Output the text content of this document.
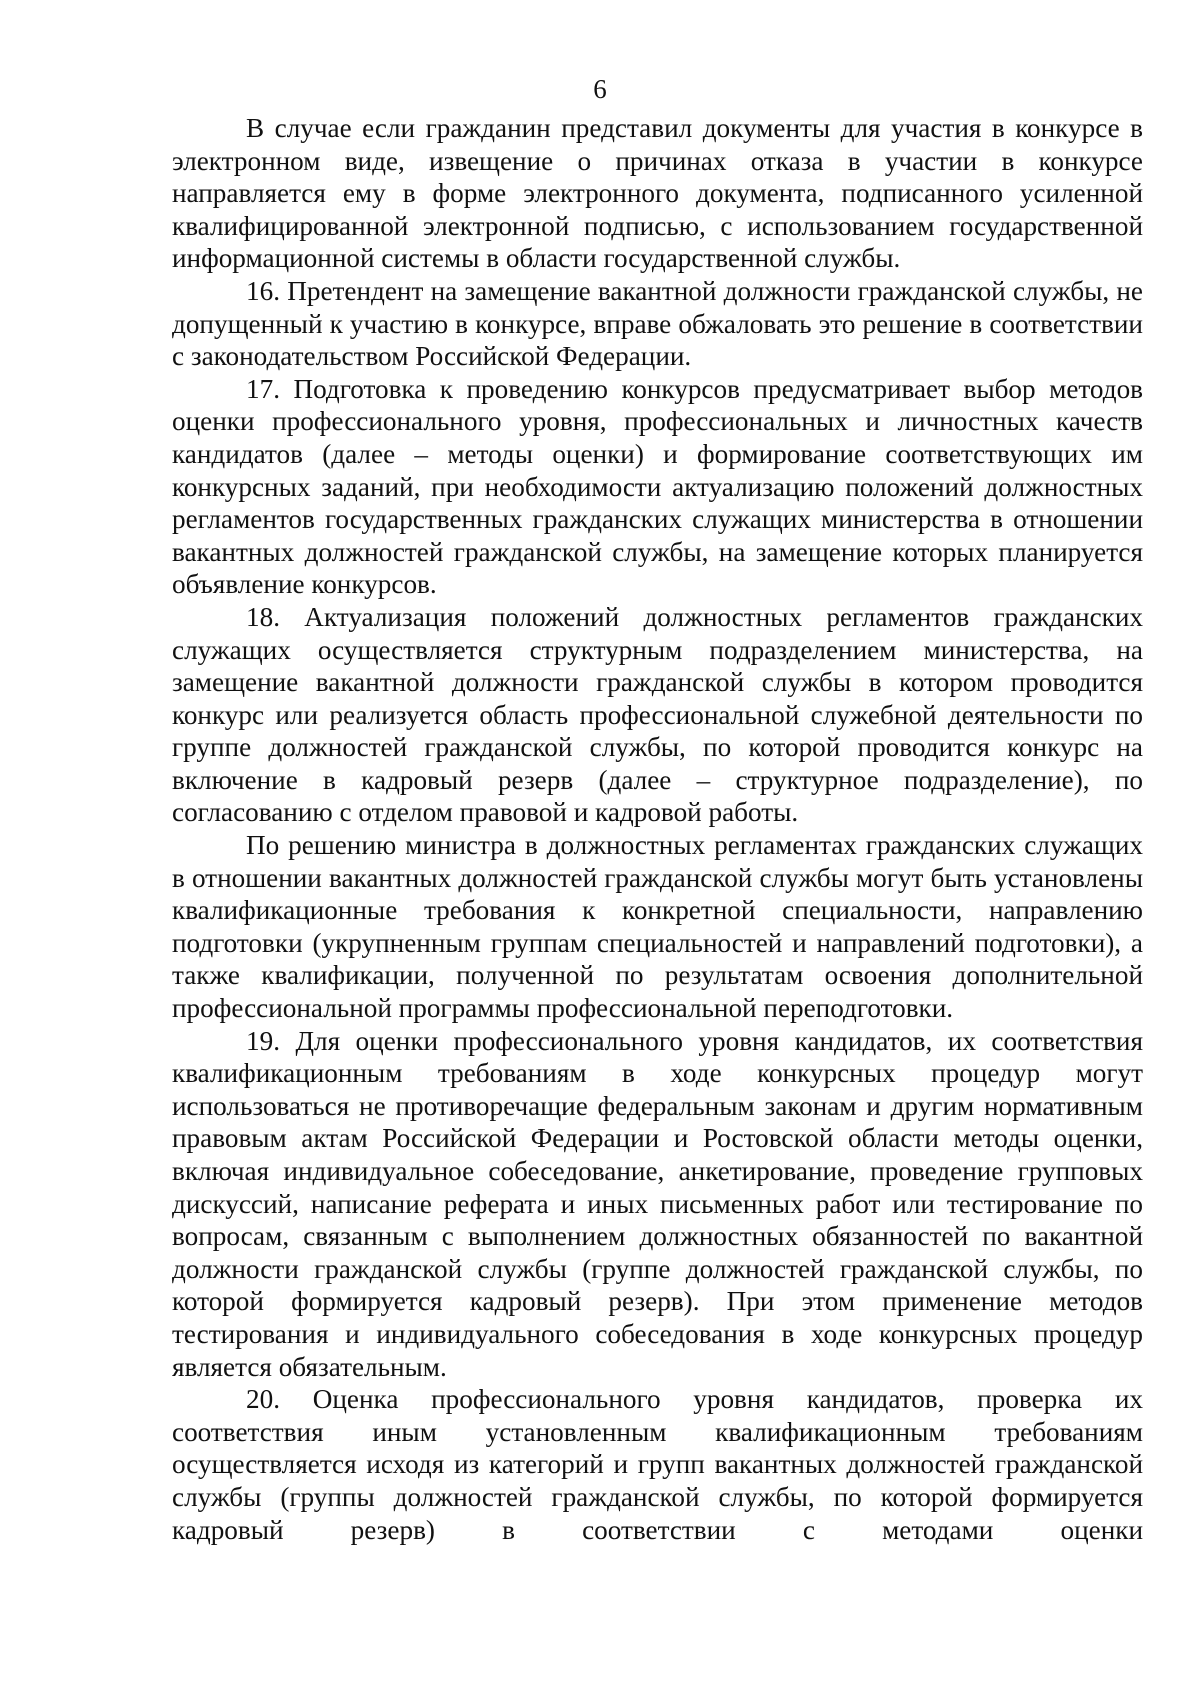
6

В случае если гражданин представил документы для участия в конкурсе в электронном виде, извещение о причинах отказа в участии в конкурсе направляется ему в форме электронного документа, подписанного усиленной квалифицированной электронной подписью, с использованием государственной информационной системы в области государственной службы.

16. Претендент на замещение вакантной должности гражданской службы, не допущенный к участию в конкурсе, вправе обжаловать это решение в соответствии с законодательством Российской Федерации.

17. Подготовка к проведению конкурсов предусматривает выбор методов оценки профессионального уровня, профессиональных и личностных качеств кандидатов (далее – методы оценки) и формирование соответствующих им конкурсных заданий, при необходимости актуализацию положений должностных регламентов государственных гражданских служащих министерства в отношении вакантных должностей гражданской службы, на замещение которых планируется объявление конкурсов.

18. Актуализация положений должностных регламентов гражданских служащих осуществляется структурным подразделением министерства, на замещение вакантной должности гражданской службы в котором проводится конкурс или реализуется область профессиональной служебной деятельности по группе должностей гражданской службы, по которой проводится конкурс на включение в кадровый резерв (далее – структурное подразделение), по согласованию с отделом правовой и кадровой работы.

По решению министра в должностных регламентах гражданских служащих в отношении вакантных должностей гражданской службы могут быть установлены квалификационные требования к конкретной специальности, направлению подготовки (укрупненным группам специальностей и направлений подготовки), а также квалификации, полученной по результатам освоения дополнительной профессиональной программы профессиональной переподготовки.

19. Для оценки профессионального уровня кандидатов, их соответствия квалификационным требованиям в ходе конкурсных процедур могут использоваться не противоречащие федеральным законам и другим нормативным правовым актам Российской Федерации и Ростовской области методы оценки, включая индивидуальное собеседование, анкетирование, проведение групповых дискуссий, написание реферата и иных письменных работ или тестирование по вопросам, связанным с выполнением должностных обязанностей по вакантной должности гражданской службы (группе должностей гражданской службы, по которой формируется кадровый резерв). При этом применение методов тестирования и индивидуального собеседования в ходе конкурсных процедур является обязательным.

20. Оценка профессионального уровня кандидатов, проверка их соответствия иным установленным квалификационным требованиям осуществляется исходя из категорий и групп вакантных должностей гражданской службы (группы должностей гражданской службы, по которой формируется кадровый резерв) в соответствии с методами оценки
